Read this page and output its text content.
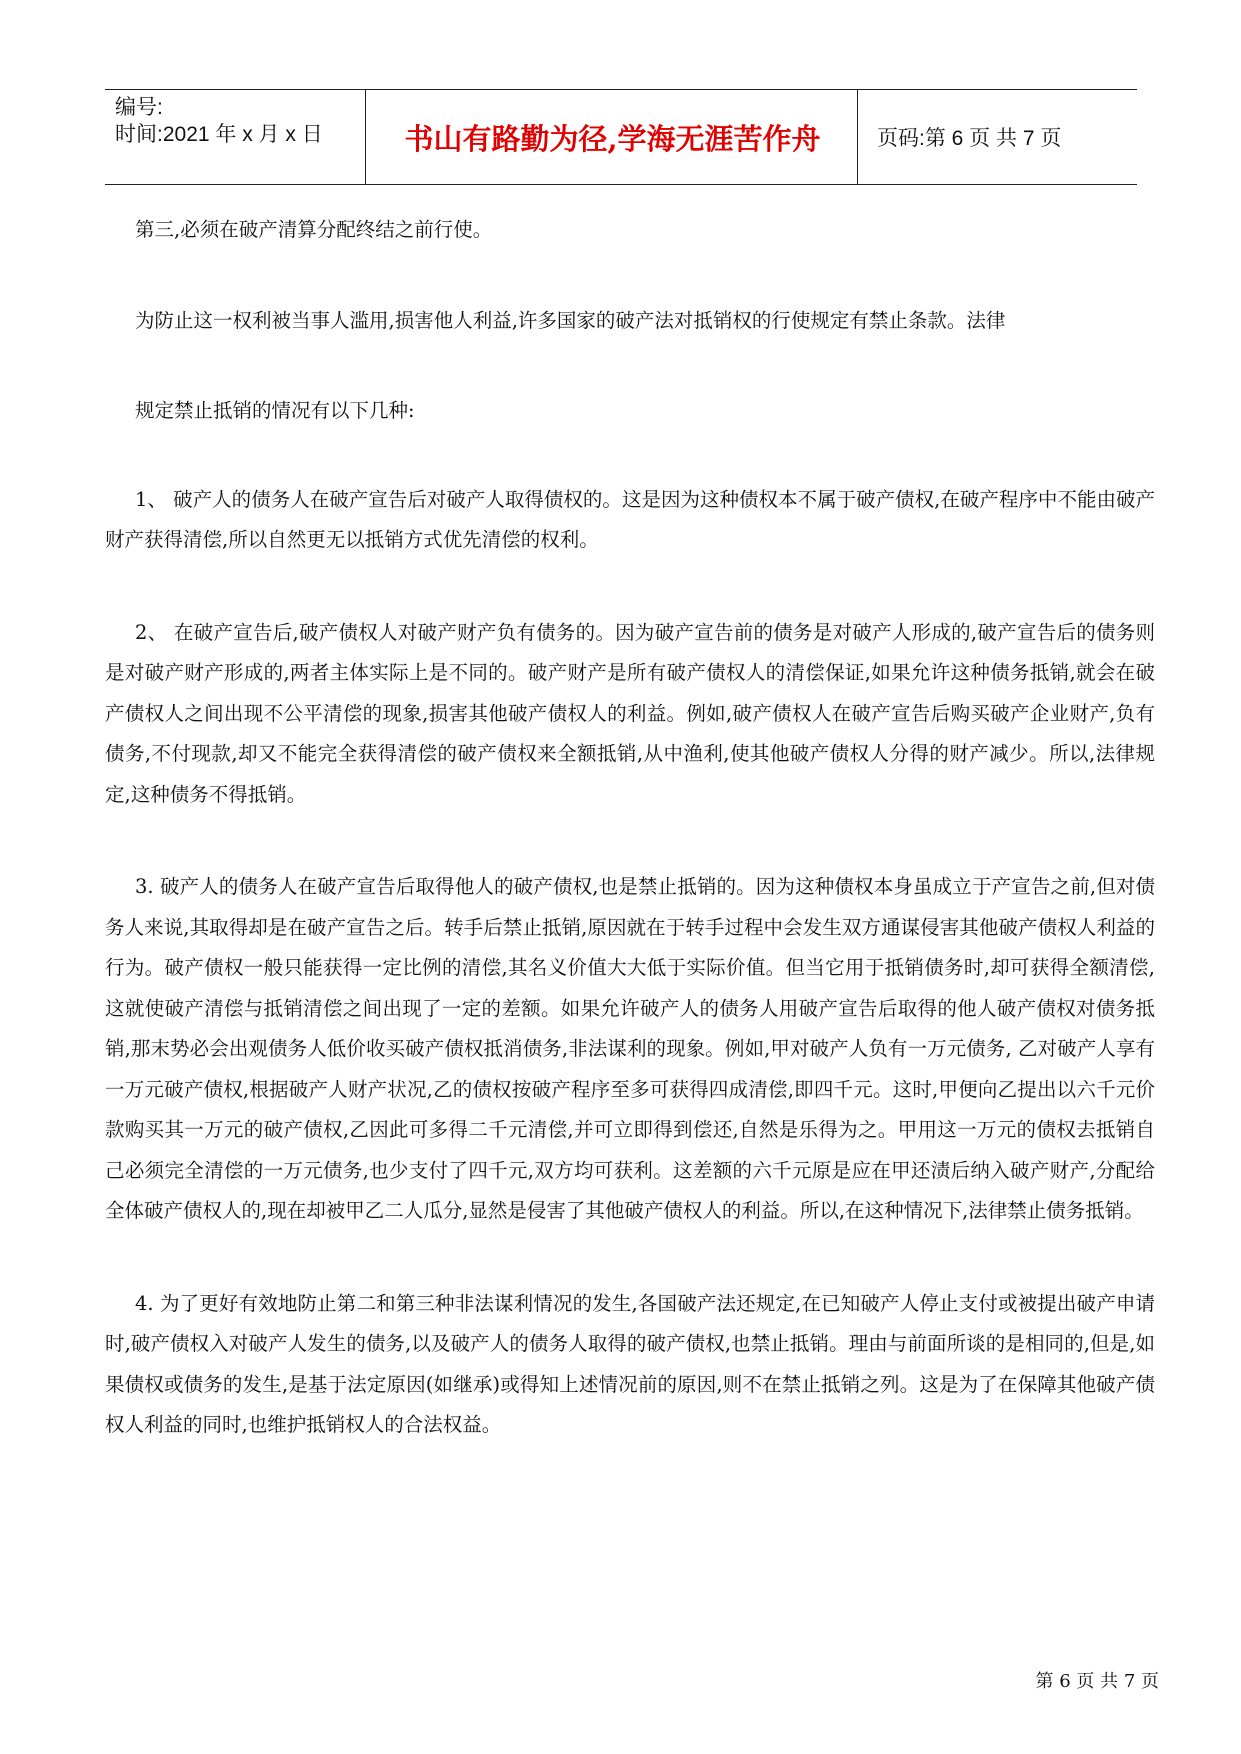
编号:
时间:2021 年 x 月 x 日	书山有路勤为径,学海无涯苦作舟	页码:第 6 页 共 7 页

第三,必须在破产清算分配终结之前行使。

为防止这一权利被当事人滥用,损害他人利益,许多国家的破产法对抵销权的行使规定有禁止条款。法律

规定禁止抵销的情况有以下几种:

1、 破产人的债务人在破产宣告后对破产人取得债权的。这是因为这种债权本不属于破产债权,在破产程序中不能由破产财产获得清偿,所以自然更无以抵销方式优先清偿的权利。

2、 在破产宣告后,破产债权人对破产财产负有债务的。因为破产宣告前的债务是对破产人形成的,破产宣告后的债务则是对破产财产形成的,两者主体实际上是不同的。破产财产是所有破产债权人的清偿保证,如果允许这种债务抵销,就会在破产债权人之间出现不公平清偿的现象,损害其他破产债权人的利益。例如,破产债权人在破产宣告后购买破产企业财产,负有债务,不付现款,却又不能完全获得清偿的破产债权来全额抵销,从中渔利,使其他破产债权人分得的财产减少。所以,法律规定,这种债务不得抵销。

3. 破产人的债务人在破产宣告后取得他人的破产债权,也是禁止抵销的。因为这种债权本身虽成立于产宣告之前,但对债务人来说,其取得却是在破产宣告之后。转手后禁止抵销,原因就在于转手过程中会发生双方通谋侵害其他破产债权人利益的行为。破产债权一般只能获得一定比例的清偿,其名义价值大大低于实际价值。但当它用于抵销债务时,却可获得全额清偿,这就使破产清偿与抵销清偿之间出现了一定的差额。如果允许破产人的债务人用破产宣告后取得的他人破产债权对债务抵销,那末势必会出观债务人低价收买破产债权抵消债务,非法谋利的现象。例如,甲对破产人负有一万元债务, 乙对破产人享有一万元破产债权,根据破产人财产状况,乙的债权按破产程序至多可获得四成清偿,即四千元。这时,甲便向乙提出以六千元价款购买其一万元的破产债权,乙因此可多得二千元清偿,并可立即得到偿还,自然是乐得为之。甲用这一万元的债权去抵销自己必须完全清偿的一万元债务,也少支付了四千元,双方均可获利。这差额的六千元原是应在甲还渍后纳入破产财产,分配给全体破产债权人的,现在却被甲乙二人瓜分,显然是侵害了其他破产债权人的利益。所以,在这种情况下,法律禁止债务抵销。

4. 为了更好有效地防止第二和第三种非法谋利情况的发生,各国破产法还规定,在已知破产人停止支付或被提出破产申请时,破产债权入对破产人发生的债务,以及破产人的债务人取得的破产债权,也禁止抵销。理由与前面所谈的是相同的,但是,如果债权或债务的发生,是基于法定原因(如继承)或得知上述情况前的原因,则不在禁止抵销之列。这是为了在保障其他破产债权人利益的同时,也维护抵销权人的合法权益。

第 6 页 共 7 页
